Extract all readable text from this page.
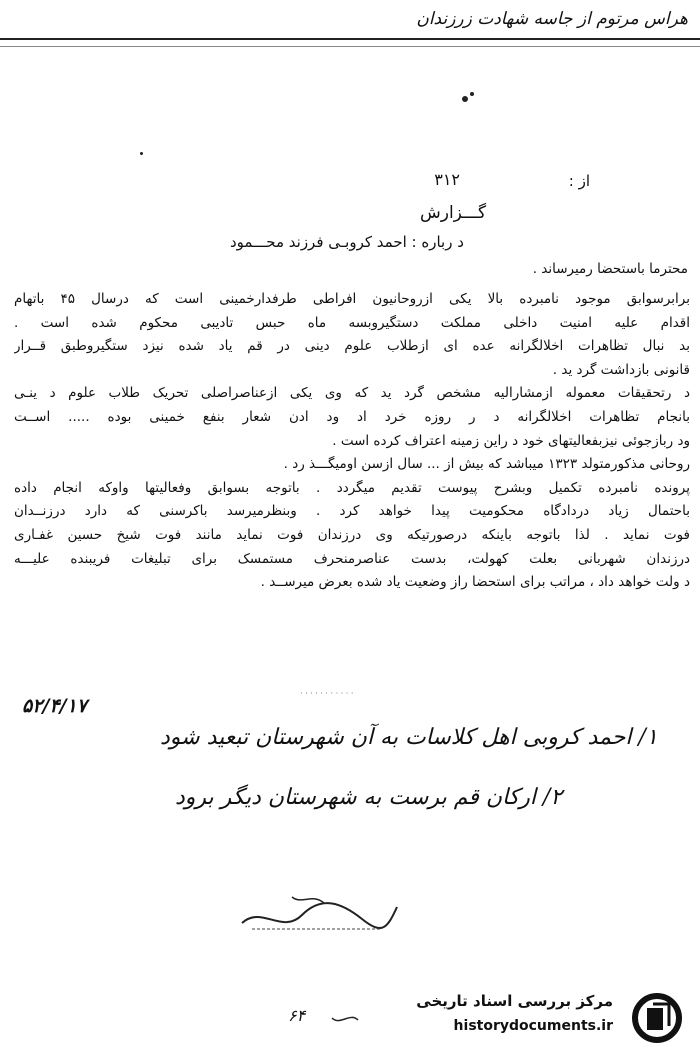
هراس مرتوم از جاسه شهادت زرزندان
از :
۳۱۲
گـــزارش
د رباره : احمد کروبـی فرزند محـــمود
محترما باستحضا رمیرساند .
برابرسوابق موجود نامبرده بالا یکی ازروحانیون افراطی طرفدارخمینی است که درسال ۴۵ باتهام
اقدام علیه امنیت داخلی مملکت دستگیروبسه ماه حبس تادیبی محکوم شده است .
بد نبال تظاهرات اخلالگرانه عده ای ازطلاب علوم دینی در قم یاد شده نیزد ستگیروطبق قــرار
قانونی بازداشت گرد ید .
د رتحقیقات معموله ازمشارالیه مشخص گرد ید که وی یکی ازعناصراصلی تحریک طلاب علوم د ینـی
بانجام تظاهرات اخلالگرانه د ر روزه خرد اد ود ادن شعار بنفع خمینی بوده ..... اســت
ود ربازجوئی نیزبفعالیتهای خود د راین زمینه اعتراف کرده است .
روحانی مذکورمتولد ۱۳۲۳ میباشد که بیش از ... سال ازسن اومیگـــذ رد .
پرونده نامبرده تکمیل وبشرح پیوست تقدیم میگردد . باتوجه بسوابق وفعالیتها واوکه انجام داده
باحتمال زیاد دردادگاه محکومیت پیدا خواهد کرد . وبنظرمیرسد باکرسنی که دارد درزنــدان
فوت نماید . لذا باتوجه باینکه درصورتیکه وی درزندان فوت نماید مانند فوت شیخ حسین غفـاری
درزندان شهربانی بعلت کهولت، بدست عناصرمنحرف مستمسک برای تبلیغات فریبنده علیـــه
د ولت خواهد داد ، مراتب برای استحضا راز وضعیت یاد شده بعرض میرســد .
· · · · · · · · · · ·
۵۲/۴/۱۷
۱/ احمد کروبی اهل کلاسات به آن شهرستان تبعید شود
۲/ ارکان قم برست به شهرستان دیگر برود
۶۴
مرکز بررسی اسناد تاریخی
historydocuments.ir
